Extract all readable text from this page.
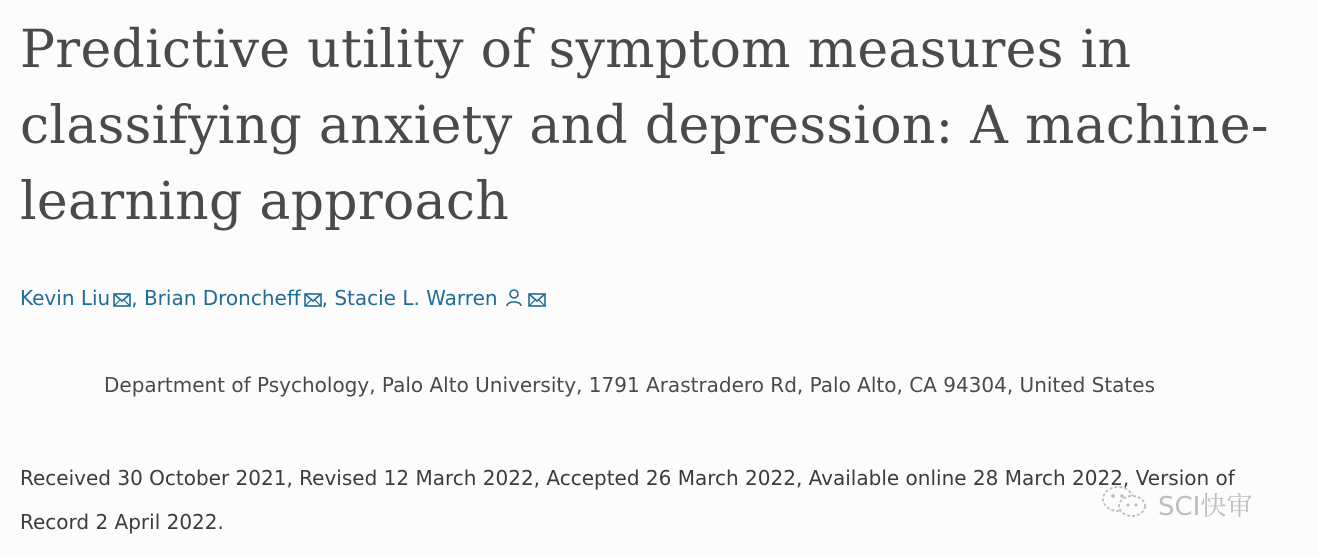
Predictive utility of symptom measures in classifying anxiety and depression: A machine-learning approach
Kevin Liu , Brian Droncheff , Stacie L. Warren
Department of Psychology, Palo Alto University, 1791 Arastradero Rd, Palo Alto, CA 94304, United States
Received 30 October 2021, Revised 12 March 2022, Accepted 26 March 2022, Available online 28 March 2022, Version of Record 2 April 2022.	SCI快审
